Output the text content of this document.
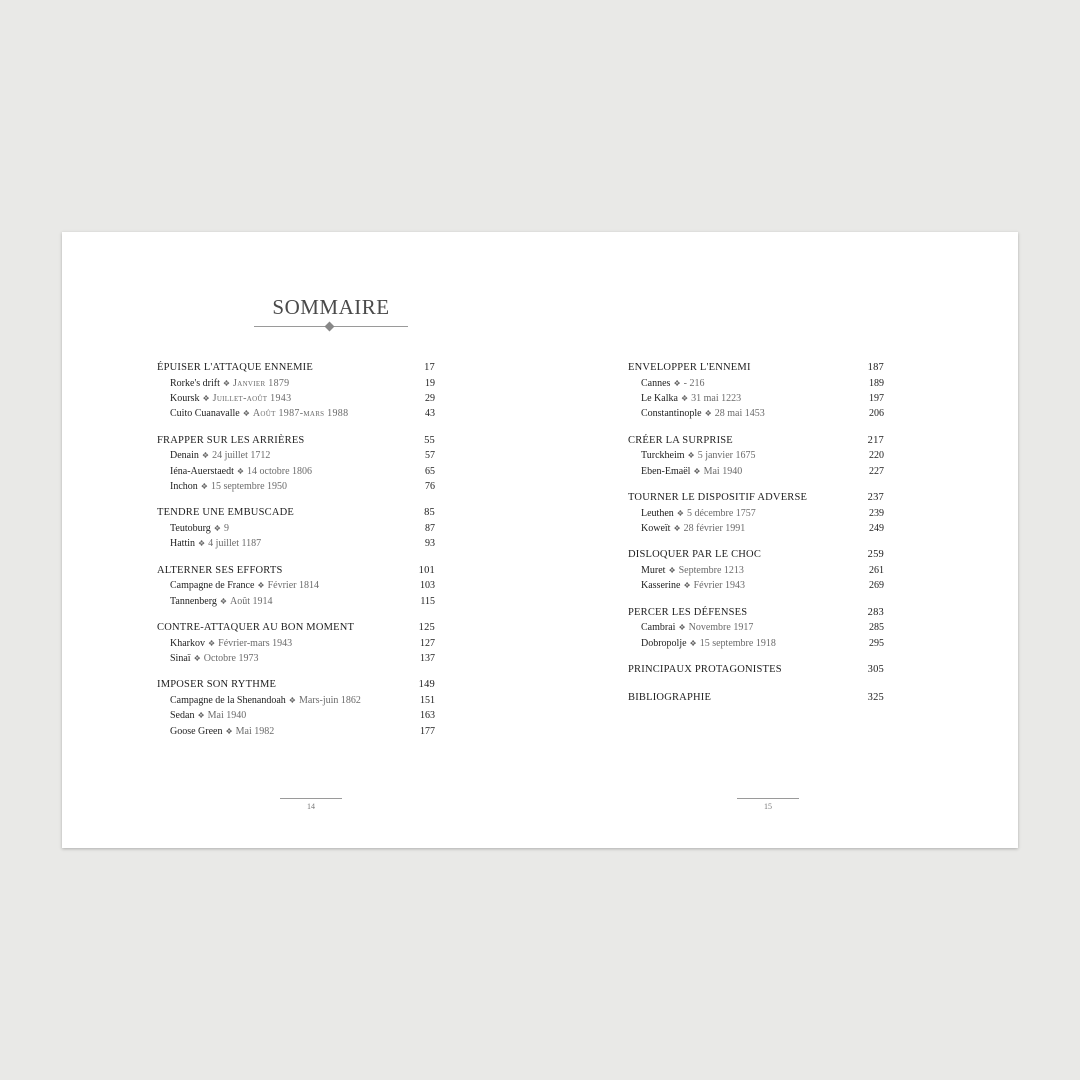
SOMMAIRE
ÉPUISER L'ATTAQUE ENNEMIE	17
Rorke's drift ❖ Janvier 1879	19
Koursk ❖ Juillet-août 1943	29
Cuito Cuanavalle ❖ Août 1987-mars 1988	43
FRAPPER SUR LES ARRIÈRES	55
Denain ❖ 24 juillet 1712	57
Iéna-Auerstaedt ❖ 14 octobre 1806	65
Inchon ❖ 15 septembre 1950	76
TENDRE UNE EMBUSCADE	85
Teutoburg ❖ 9	87
Hattin ❖ 4 juillet 1187	93
ALTERNER SES EFFORTS	101
Campagne de France ❖ Février 1814	103
Tannenberg ❖ Août 1914	115
CONTRE-ATTAQUER AU BON MOMENT	125
Kharkov ❖ Février-mars 1943	127
Sinaï ❖ Octobre 1973	137
IMPOSER SON RYTHME	149
Campagne de la Shenandoah ❖ Mars-juin 1862	151
Sedan ❖ Mai 1940	163
Goose Green ❖ Mai 1982	177
14
ENVELOPPER L'ENNEMI	187
Cannes ❖ - 216	189
Le Kalka ❖ 31 mai 1223	197
Constantinople ❖ 28 mai 1453	206
CRÉER LA SURPRISE	217
Turckheim ❖ 5 janvier 1675	220
Eben-Emaël ❖ Mai 1940	227
TOURNER LE DISPOSITIF ADVERSE	237
Leuthen ❖ 5 décembre 1757	239
Koweït ❖ 28 février 1991	249
DISLOQUER PAR LE CHOC	259
Muret ❖ Septembre 1213	261
Kasserine ❖ Février 1943	269
PERCER LES DÉFENSES	283
Cambrai ❖ Novembre 1917	285
Dobropolje ❖ 15 septembre 1918	295
PRINCIPAUX PROTAGONISTES	305
BIBLIOGRAPHIE	325
15
